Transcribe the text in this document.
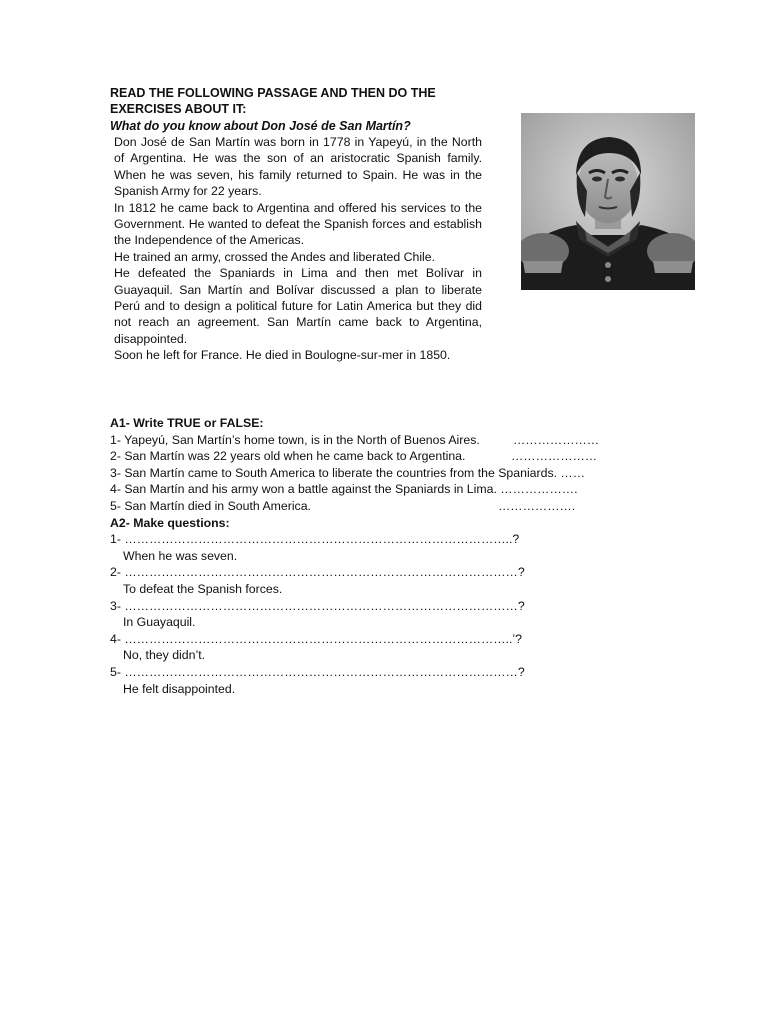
READ THE FOLLOWING PASSAGE AND THEN DO THE EXERCISES ABOUT IT:
What do you know about Don José de San Martín?

Don José de San Martín was born in 1778 in Yapeyú, in the North of Argentina. He was the son of an aristocratic Spanish family. When he was seven, his family returned to Spain. He was in the Spanish Army for 22 years.

In 1812 he came back to Argentina and offered his services to the Government. He wanted to defeat the Spanish forces and establish the Independence of the Americas.

He trained an army, crossed the Andes and liberated Chile.

He defeated the Spaniards in Lima and then met Bolívar in Guayaquil. San Martín and Bolívar discussed a plan to liberate Perú and to design a political future for Latin America but they did not reach an agreement. San Martín came back to Argentina, disappointed.

Soon he left for France. He died in Boulogne-sur-mer in 1850.

A1- Write TRUE or FALSE:
1- Yapeyú, San Martín’s home town, is in the North of Buenos Aires.	…………………
2- San Martín was 22 years old when he came back to Argentina.	…………………
3- San Martín came to South America to liberate the countries from the Spaniards. ……
4- San Martín and his army won a battle against the Spaniards in Lima. ……………….
5- San Martín died in South America.	……………….
A2- Make questions:
1- …………………………………………………………………………………..?
When he was seven.
2- ……………………………………………………………………………………?
To defeat the Spanish forces.
3- ……………………………………………………………………………………?
In Guayaquil.
4- …………………………………………………………………………………..’?
No, they didn’t.
5- ……………………………………………………………………………………?
He felt disappointed.
